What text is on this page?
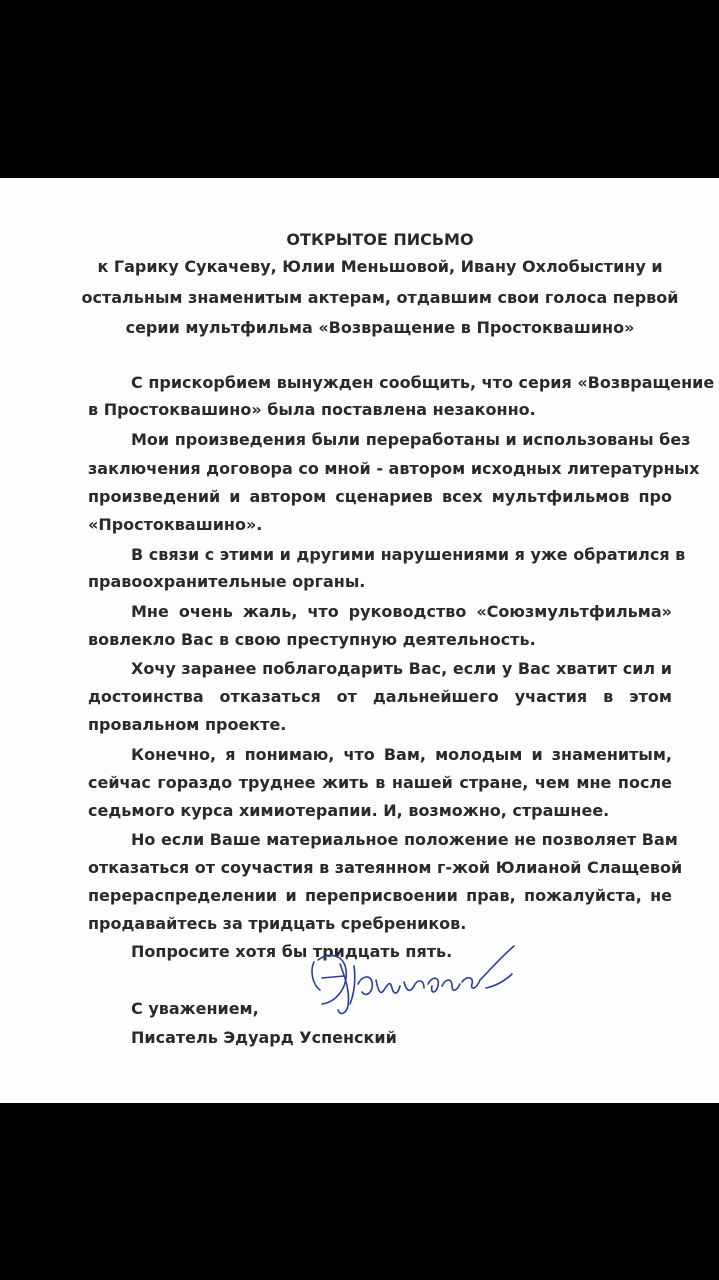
ОТКРЫТОЕ ПИСЬМО
к Гарику Сукачеву, Юлии Меньшовой, Ивану Охлобыстину и
остальным знаменитым актерам, отдавшим свои голоса первой
серии мультфильма «Возвращение в Простоквашино»
С прискорбием вынужден сообщить, что серия «Возвращение
в Простоквашино» была поставлена незаконно.
Мои произведения были переработаны и использованы без
заключения договора со мной - автором исходных литературных
произведений и автором сценариев всех мультфильмов про
«Простоквашино».
В связи с этими и другими нарушениями я уже обратился в
правоохранительные органы.
Мне очень жаль, что руководство «Союзмультфильма»
вовлекло Вас в свою преступную деятельность.
Хочу заранее поблагодарить Вас, если у Вас хватит сил и
достоинства отказаться от дальнейшего участия в этом
провальном проекте.
Конечно, я понимаю, что Вам, молодым и знаменитым,
сейчас гораздо труднее жить в нашей стране, чем мне после
седьмого курса химиотерапии. И, возможно, страшнее.
Но если Ваше материальное положение не позволяет Вам
отказаться от соучастия в затеянном г-жой Юлианой Слащевой
перераспределении и переприсвоении прав, пожалуйста, не
продавайтесь за тридцать сребреников.
Попросите хотя бы тридцать пять.
С уважением,
Писатель Эдуард Успенский
